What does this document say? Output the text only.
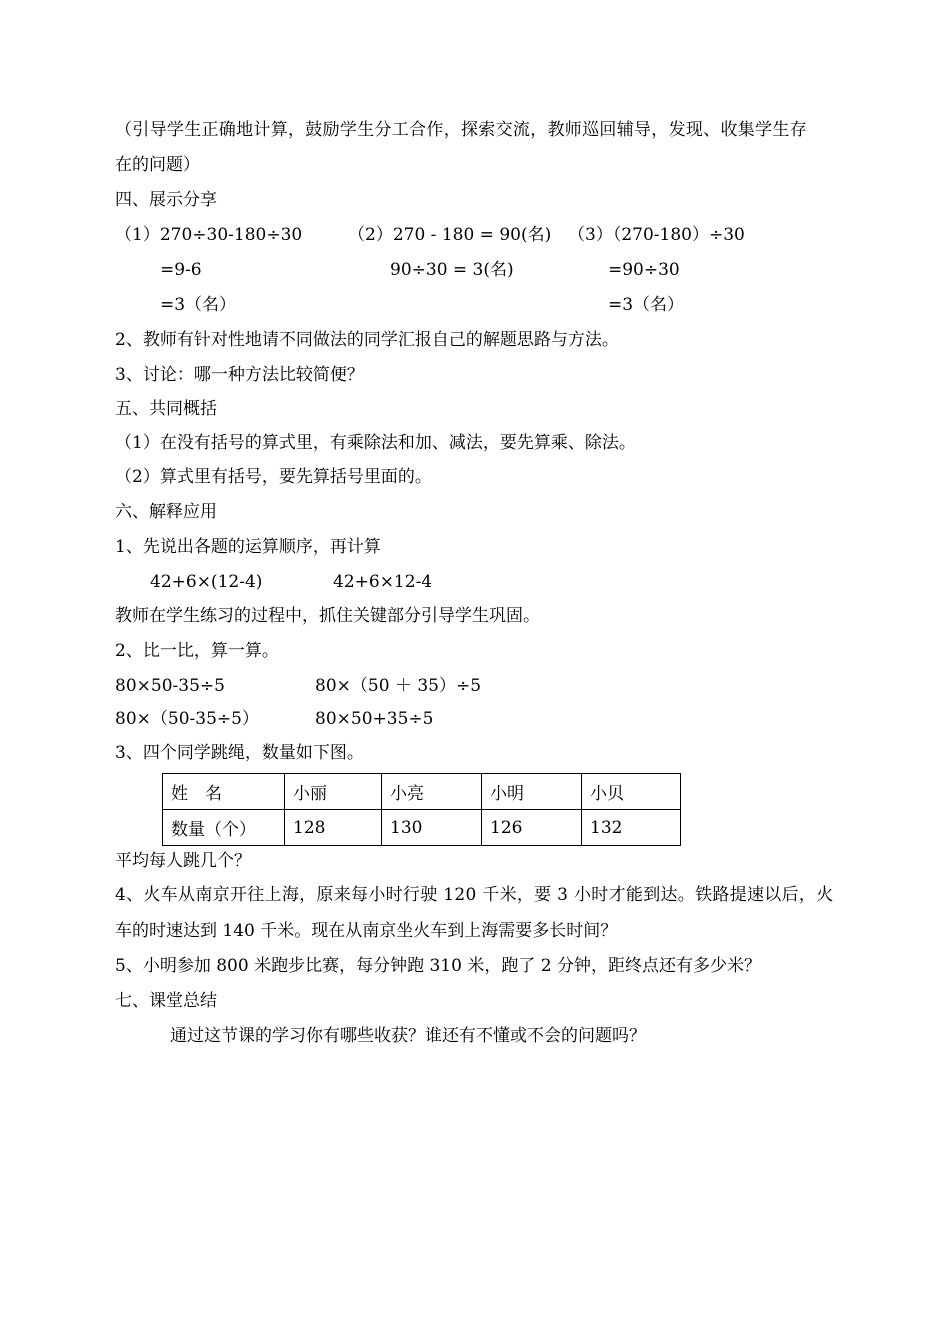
（引导学生正确地计算，鼓励学生分工合作，探索交流，教师巡回辅导，发现、收集学生存
在的问题）
四、展示分享
（1）270÷30-180÷30
=9-6
=3（名）
（2）270 - 180 = 90(名)
90÷30 = 3(名)
（3）（270-180）÷30
=90÷30
=3（名）
2、教师有针对性地请不同做法的同学汇报自己的解题思路与方法。
3、讨论：哪一种方法比较简便？
五、共同概括
（1）在没有括号的算式里，有乘除法和加、减法，要先算乘、除法。
（2）算式里有括号，要先算括号里面的。
六、解释应用
1、先说出各题的运算顺序，再计算
42+6×(12-4)	42+6×12-4
教师在学生练习的过程中，抓住关键部分引导学生巩固。
2、比一比，算一算。
80×50-35÷5	80×（50 ＋ 35）÷5
80×（50-35÷5）	80×50+35÷5
3、四个同学跳绳，数量如下图。
姓　名	小丽	小亮	小明	小贝
数量（个）	128	130	126	132
平均每人跳几个？
4、火车从南京开往上海，原来每小时行驶 120 千米，要 3 小时才能到达。铁路提速以后，火
车的时速达到 140 千米。现在从南京坐火车到上海需要多长时间？
5、小明参加 800 米跑步比赛，每分钟跑 310 米，跑了 2 分钟，距终点还有多少米？
七、课堂总结
通过这节课的学习你有哪些收获？谁还有不懂或不会的问题吗？
